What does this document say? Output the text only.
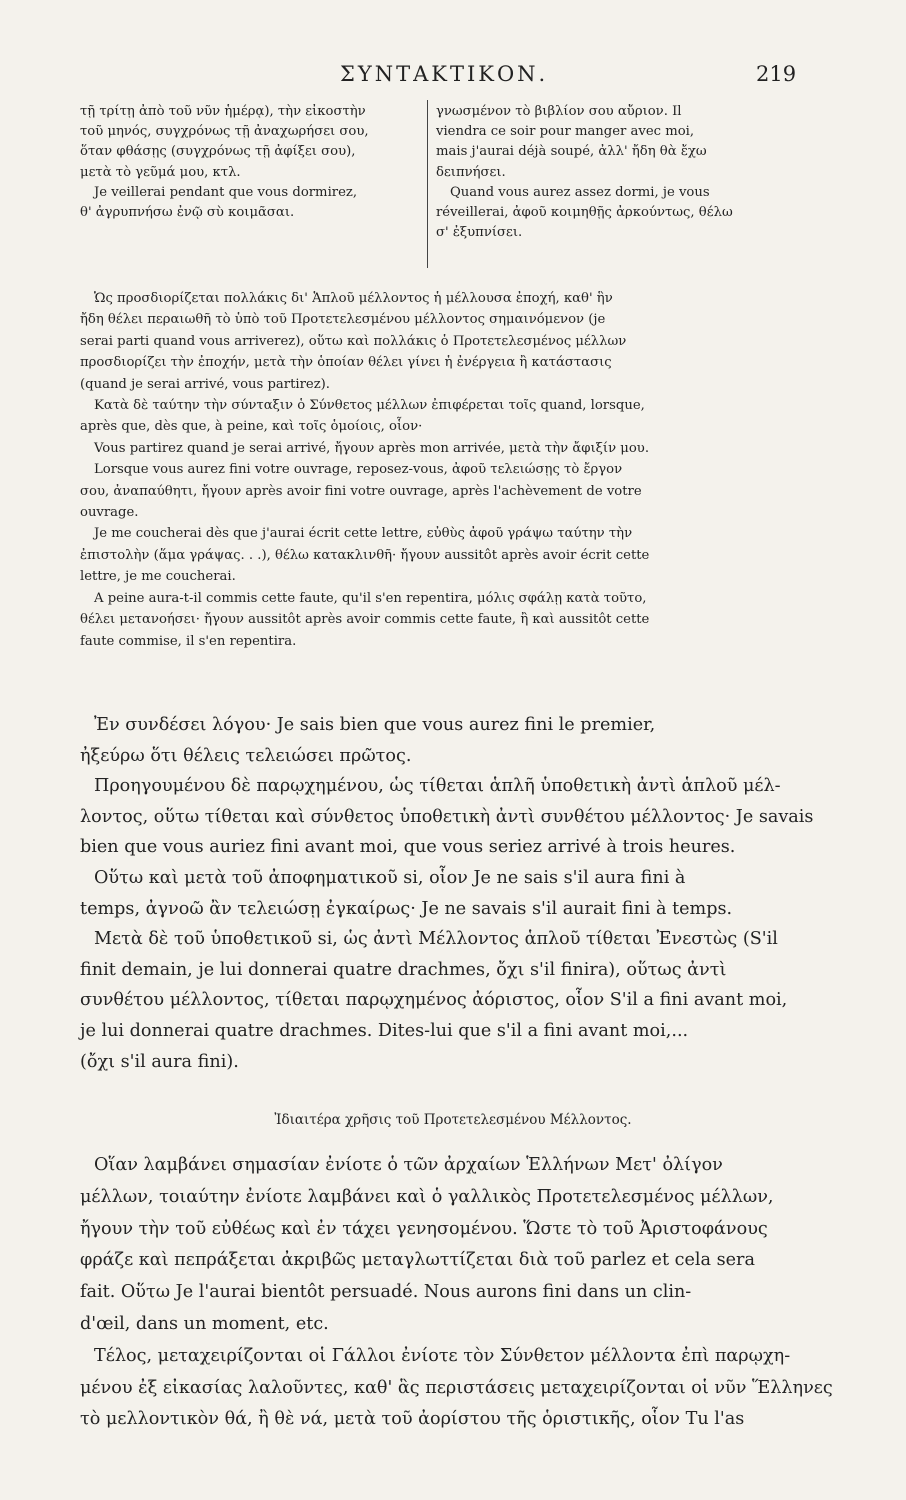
ΣΥΝΤΑΚΤΙΚΟΝ.	219

τῇ τρίτῃ ἀπὸ τοῦ νῦν ἡμέρᾳ), τὴν εἰκοστὴν

τοῦ μηνός, συγχρόνως τῇ ἀναχωρήσει σου,

ὅταν φθάσῃς (συγχρόνως τῇ ἀφίξει σου),

μετὰ τὸ γεῦμά μου, κτλ.

Je veillerai pendant que vous dormirez,

θ' ἀγρυπνήσω ἐνῷ σὺ κοιμᾶσαι.

γνωσμένον τὸ βιβλίον σου αὔριον. Il

viendra ce soir pour manger avec moi,

mais j'aurai déjà soupé, ἀλλ' ἤδη θὰ ἔχω

δειπνήσει.

Quand vous aurez assez dormi, je vous

réveillerai, ἀφοῦ κοιμηθῇς ἀρκούντως, θέλω

σ' ἐξυπνίσει.

Ὡς προσδιορίζεται πολλάκις δι' Ἁπλοῦ μέλλοντος ἡ μέλλουσα ἐποχή, καθ' ἣν

ἤδη θέλει περαιωθῆ τὸ ὑπὸ τοῦ Προτετελεσμένου μέλλοντος σημαινόμενον (je

serai parti quand vous arriverez), οὕτω καὶ πολλάκις ὁ Προτετελεσμένος μέλλων

προσδιορίζει τὴν ἐποχήν, μετὰ τὴν ὁποίαν θέλει γίνει ἡ ἐνέργεια ἢ κατάστασις

(quand je serai arrivé, vous partirez).

Κατὰ δὲ ταύτην τὴν σύνταξιν ὁ Σύνθετος μέλλων ἐπιφέρεται τοῖς quand, lorsque,

après que, dès que, à peine, καὶ τοῖς ὁμοίοις, οἷον·

Vous partirez quand je serai arrivé, ἤγουν après mon arrivée, μετὰ τὴν ἄφιξίν μου.

Lorsque vous aurez fini votre ouvrage, reposez-vous, ἀφοῦ τελειώσῃς τὸ ἔργον

σου, ἀναπαύθητι, ἤγουν après avoir fini votre ouvrage, après l'achèvement de votre

ouvrage.

Je me coucherai dès que j'aurai écrit cette lettre, εὐθὺς ἀφοῦ γράψω ταύτην τὴν

ἐπιστολὴν (ἅμα γράψας. . .), θέλω κατακλινθῆ· ἤγουν aussitôt après avoir écrit cette

lettre, je me coucherai.

A peine aura-t-il commis cette faute, qu'il s'en repentira, μόλις σφάλῃ κατὰ τοῦτο,

θέλει μετανοήσει· ἤγουν aussitôt après avoir commis cette faute, ἢ καὶ aussitôt cette

faute commise, il s'en repentira.

Ἐν συνδέσει λόγου· Je sais bien que vous aurez fini le premier,

ἠξεύρω ὅτι θέλεις τελειώσει πρῶτος.

Προηγουμένου δὲ παρῳχημένου, ὡς τίθεται ἁπλῆ ὑποθετικὴ ἀντὶ ἁπλοῦ μέλ-

λοντος, οὕτω τίθεται καὶ σύνθετος ὑποθετικὴ ἀντὶ συνθέτου μέλλοντος· Je savais

bien que vous auriez fini avant moi, que vous seriez arrivé à trois heures.

Οὕτω καὶ μετὰ τοῦ ἀποφηματικοῦ si, οἷον Je ne sais s'il aura fini à

temps, ἀγνοῶ ἂν τελειώσῃ ἐγκαίρως· Je ne savais s'il aurait fini à temps.

Μετὰ δὲ τοῦ ὑποθετικοῦ si, ὡς ἀντὶ Μέλλοντος ἁπλοῦ τίθεται Ἐνεστὼς (S'il

finit demain, je lui donnerai quatre drachmes, ὄχι s'il finira), οὕτως ἀντὶ

συνθέτου μέλλοντος, τίθεται παρῳχημένος ἀόριστος, οἷον S'il a fini avant moi,

je lui donnerai quatre drachmes. Dites-lui que s'il a fini avant moi,...

(ὄχι s'il aura fini).

Ἰδιαιτέρα χρῆσις τοῦ Προτετελεσμένου Μέλλοντος.

Οἵαν λαμβάνει σημασίαν ἐνίοτε ὁ τῶν ἀρχαίων Ἑλλήνων Μετ' ὀλίγον

μέλλων, τοιαύτην ἐνίοτε λαμβάνει καὶ ὁ γαλλικὸς Προτετελεσμένος μέλλων,

ἤγουν τὴν τοῦ εὐθέως καὶ ἐν τάχει γενησομένου. Ὥστε τὸ τοῦ Ἀριστοφάνους

φράζε καὶ πεπράξεται ἀκριβῶς μεταγλωττίζεται διὰ τοῦ parlez et cela sera

fait. Οὕτω Je l'aurai bientôt persuadé. Nous aurons fini dans un clin-

d'œil, dans un moment, etc.

Τέλος, μεταχειρίζονται οἱ Γάλλοι ἐνίοτε τὸν Σύνθετον μέλλοντα ἐπὶ παρῳχη-

μένου ἐξ εἰκασίας λαλοῦντες, καθ' ἃς περιστάσεις μεταχειρίζονται οἱ νῦν Ἕλληνες

τὸ μελλοντικὸν θά, ἢ θὲ νά, μετὰ τοῦ ἀορίστου τῆς ὁριστικῆς, οἷον Tu l'as
